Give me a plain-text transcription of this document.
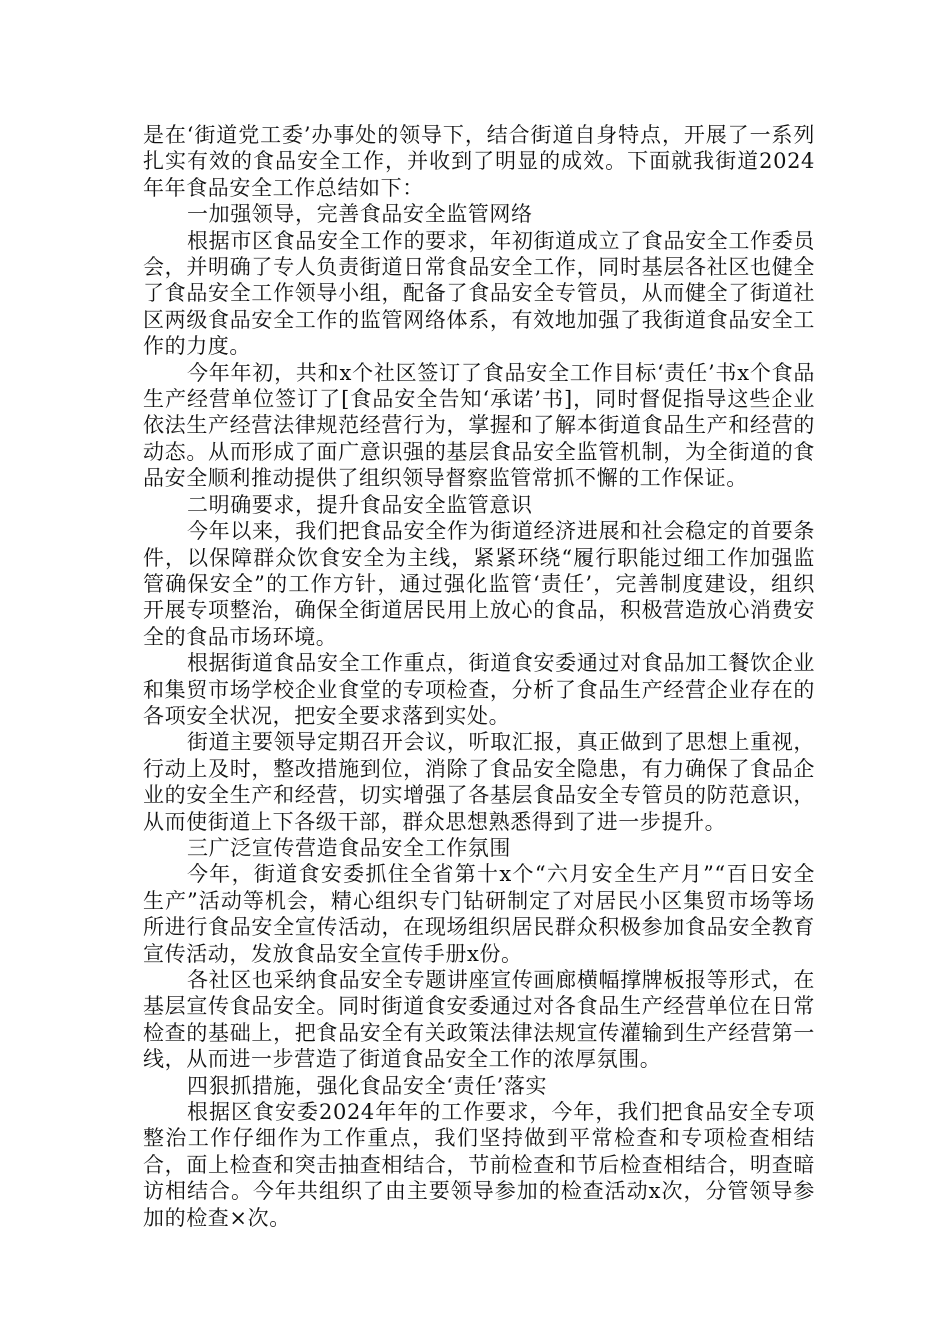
是在‘街道党工委’办事处的领导下，结合街道自身特点，开展了一系列扎实有效的食品安全工作，并收到了明显的成效。下面就我街道2024年年食品安全工作总结如下：

一加强领导，完善食品安全监管网络

根据市区食品安全工作的要求，年初街道成立了食品安全工作委员会，并明确了专人负责街道日常食品安全工作，同时基层各社区也健全了食品安全工作领导小组，配备了食品安全专管员，从而健全了街道社区两级食品安全工作的监管网络体系，有效地加强了我街道食品安全工作的力度。

今年年初，共和x个社区签订了食品安全工作目标‘责任’书x个食品生产经营单位签订了[食品安全告知‘承诺’书]，同时督促指导这些企业依法生产经营法律规范经营行为，掌握和了解本街道食品生产和经营的动态。从而形成了面广意识强的基层食品安全监管机制，为全街道的食品安全顺利推动提供了组织领导督察监管常抓不懈的工作保证。

二明确要求，提升食品安全监管意识

今年以来，我们把食品安全作为街道经济进展和社会稳定的首要条件，以保障群众饮食安全为主线，紧紧环绕“履行职能过细工作加强监管确保安全”的工作方针，通过强化监管‘责任’，完善制度建设，组织开展专项整治，确保全街道居民用上放心的食品，积极营造放心消费安全的食品市场环境。

根据街道食品安全工作重点，街道食安委通过对食品加工餐饮企业和集贸市场学校企业食堂的专项检查，分析了食品生产经营企业存在的各项安全状况，把安全要求落到实处。

街道主要领导定期召开会议，听取汇报，真正做到了思想上重视，行动上及时，整改措施到位，消除了食品安全隐患，有力确保了食品企业的安全生产和经营，切实增强了各基层食品安全专管员的防范意识，从而使街道上下各级干部，群众思想熟悉得到了进一步提升。

三广泛宣传营造食品安全工作氛围

今年，街道食安委抓住全省第十x个“六月安全生产月”“百日安全生产”活动等机会，精心组织专门钻研制定了对居民小区集贸市场等场所进行食品安全宣传活动，在现场组织居民群众积极参加食品安全教育宣传活动，发放食品安全宣传手册x份。

各社区也采纳食品安全专题讲座宣传画廊横幅撑牌板报等形式，在基层宣传食品安全。同时街道食安委通过对各食品生产经营单位在日常检查的基础上，把食品安全有关政策法律法规宣传灌输到生产经营第一线，从而进一步营造了街道食品安全工作的浓厚氛围。

四狠抓措施，强化食品安全‘责任’落实

根据区食安委2024年年的工作要求，今年，我们把食品安全专项整治工作仔细作为工作重点，我们坚持做到平常检查和专项检查相结合，面上检查和突击抽查相结合，节前检查和节后检查相结合，明查暗访相结合。今年共组织了由主要领导参加的检查活动x次，分管领导参加的检查×次。
